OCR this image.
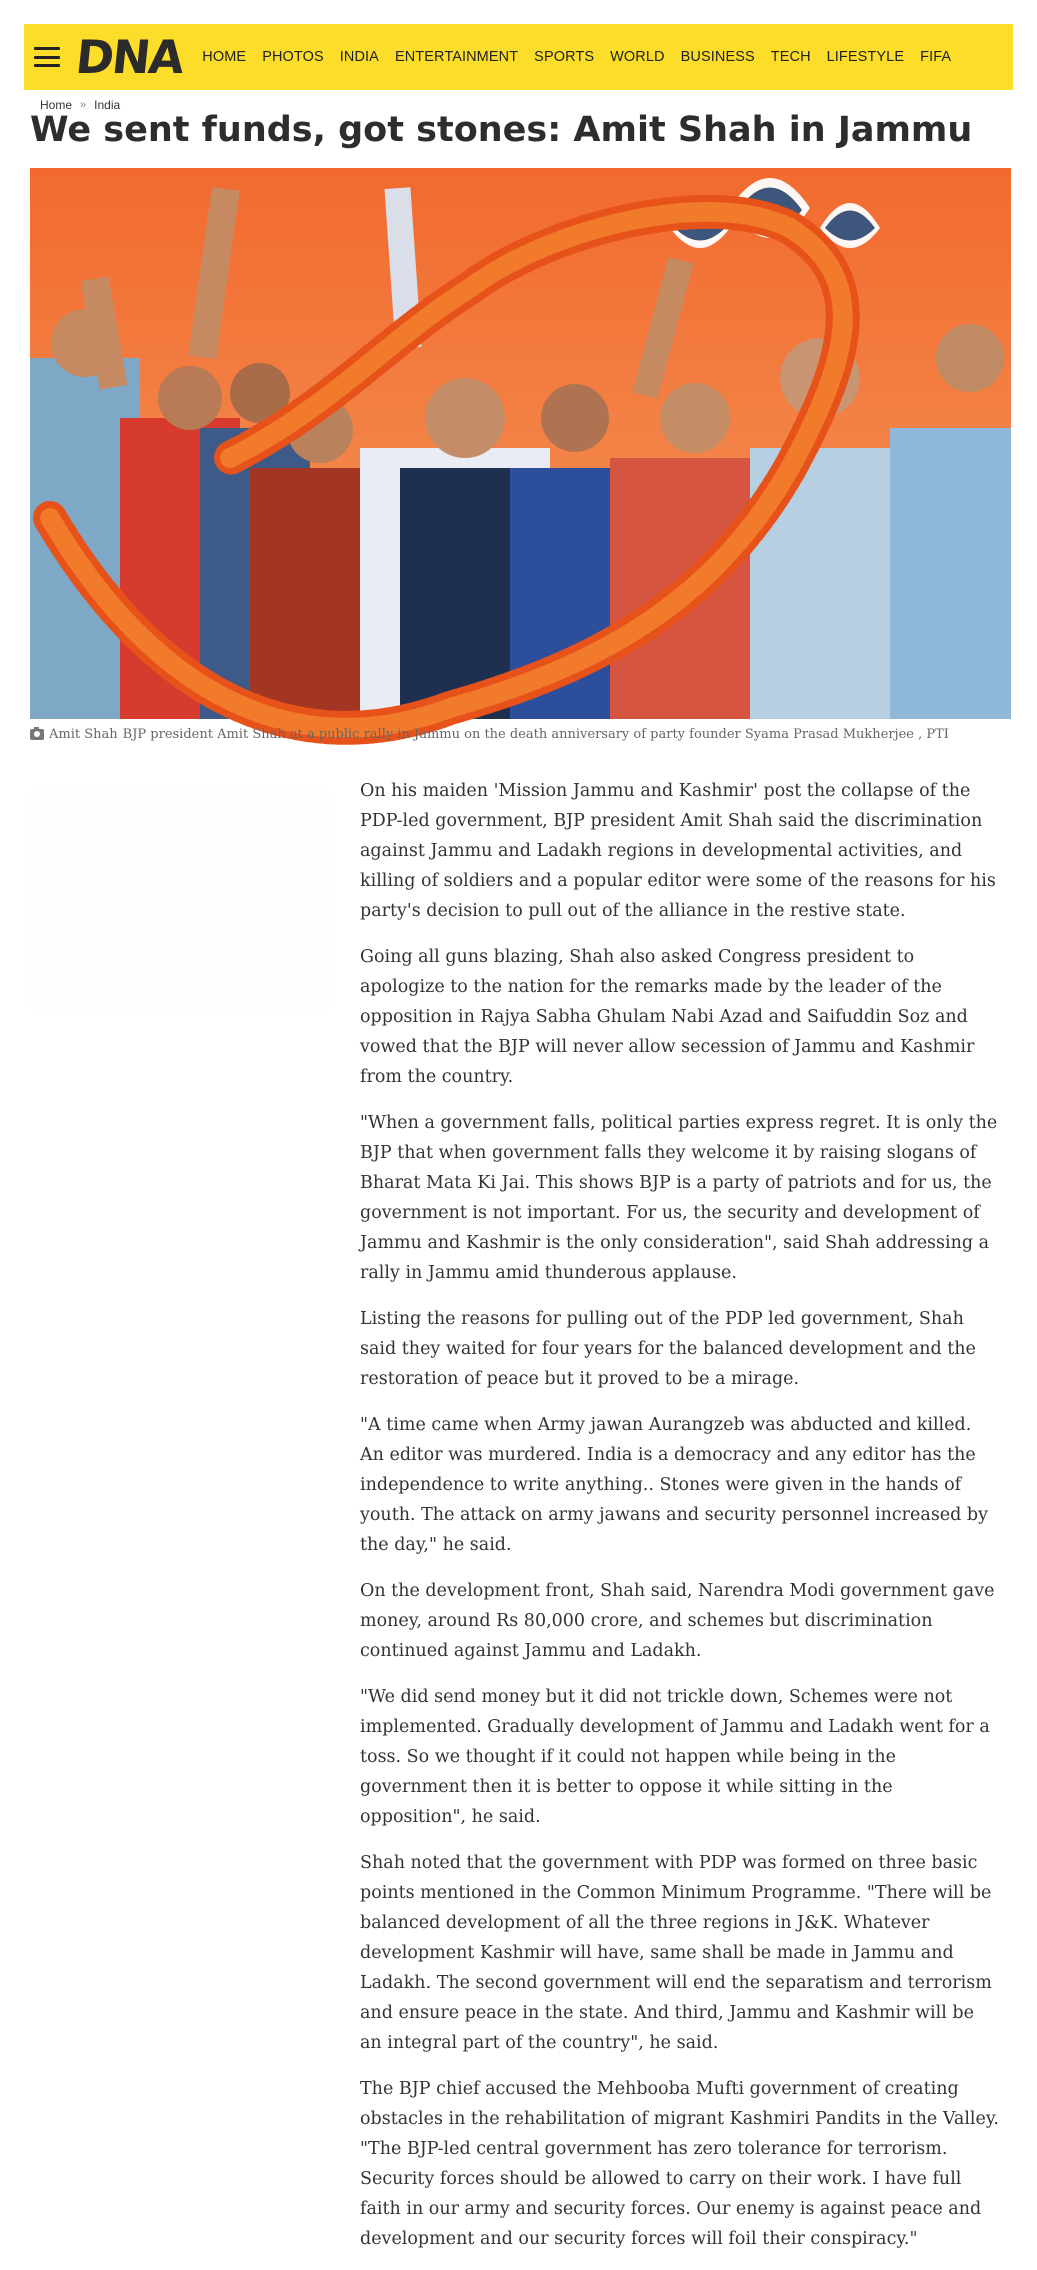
DNA HOME PHOTOS INDIA ENTERTAINMENT SPORTS WORLD BUSINESS TECH LIFESTYLE FIFA
Home » India
We sent funds, got stones: Amit Shah in Jammu
Amit Shah BJP president Amit Shah at a public rally in Jammu on the death anniversary of party founder Syama Prasad Mukherjee , PTI

On his maiden 'Mission Jammu and Kashmir' post the collapse of the PDP-led government, BJP president Amit Shah said the discrimination against Jammu and Ladakh regions in developmental activities, and killing of soldiers and a popular editor were some of the reasons for his party's decision to pull out of the alliance in the restive state.

Going all guns blazing, Shah also asked Congress president to apologize to the nation for the remarks made by the leader of the opposition in Rajya Sabha Ghulam Nabi Azad and Saifuddin Soz and vowed that the BJP will never allow secession of Jammu and Kashmir from the country.

"When a government falls, political parties express regret. It is only the BJP that when government falls they welcome it by raising slogans of Bharat Mata Ki Jai. This shows BJP is a party of patriots and for us, the government is not important. For us, the security and development of Jammu and Kashmir is the only consideration", said Shah addressing a rally in Jammu amid thunderous applause.

Listing the reasons for pulling out of the PDP led government, Shah said they waited for four years for the balanced development and the restoration of peace but it proved to be a mirage.

"A time came when Army jawan Aurangzeb was abducted and killed. An editor was murdered. India is a democracy and any editor has the independence to write anything.. Stones were given in the hands of youth. The attack on army jawans and security personnel increased by the day," he said.

On the development front, Shah said, Narendra Modi government gave money, around Rs 80,000 crore, and schemes but discrimination continued against Jammu and Ladakh.

"We did send money but it did not trickle down, Schemes were not implemented. Gradually development of Jammu and Ladakh went for a toss. So we thought if it could not happen while being in the government then it is better to oppose it while sitting in the opposition", he said.

Shah noted that the government with PDP was formed on three basic points mentioned in the Common Minimum Programme. "There will be balanced development of all the three regions in J&K. Whatever development Kashmir will have, same shall be made in Jammu and Ladakh. The second government will end the separatism and terrorism and ensure peace in the state. And third, Jammu and Kashmir will be an integral part of the country", he said.

The BJP chief accused the Mehbooba Mufti government of creating obstacles in the rehabilitation of migrant Kashmiri Pandits in the Valley. "The BJP-led central government has zero tolerance for terrorism. Security forces should be allowed to carry on their work. I have full faith in our army and security forces. Our enemy is against peace and development and our security forces will foil their conspiracy."
